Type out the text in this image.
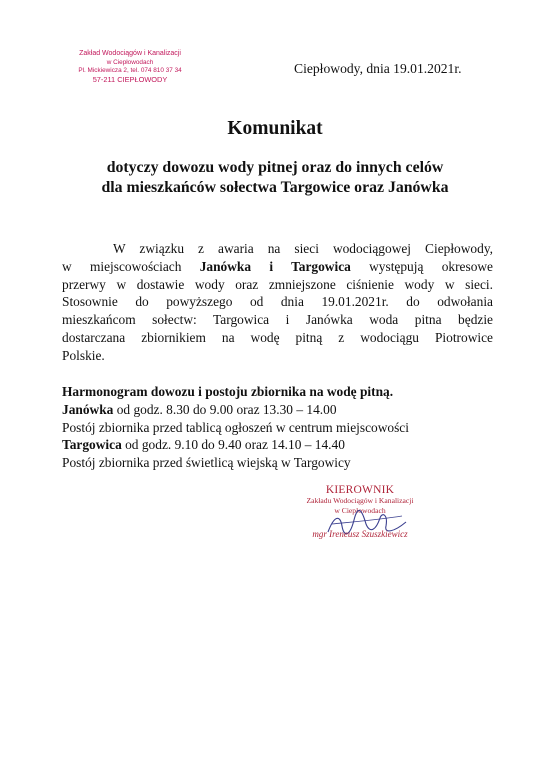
Zakład Wodociągów i Kanalizacji
w Ciepłowodach
Pl. Mickiewicza 2, tel. 074 810 37 34
57-211 CIEPŁOWODY
Ciepłowody, dnia 19.01.2021r.
Komunikat
dotyczy dowozu wody pitnej oraz do innych celów
dla mieszkańców sołectwa Targowice oraz Janówka

W związku z awaria na sieci wodociągowej Ciepłowody,

w miejscowościach Janówka i Targowica występują okresowe

przerwy w dostawie wody oraz zmniejszone ciśnienie wody w sieci.

Stosownie do powyższego od dnia 19.01.2021r. do odwołania

mieszkańcom sołectw: Targowica i Janówka woda pitna będzie

dostarczana zbiornikiem na wodę pitną z wodociągu Piotrowice

Polskie.

Harmonogram dowozu i postoju zbiornika na wodę pitną.
Janówka od godz. 8.30 do 9.00 oraz 13.30 – 14.00
Postój zbiornika przed tablicą ogłoszeń w centrum miejscowości
Targowica od godz. 9.10 do 9.40 oraz 14.10 – 14.40
Postój zbiornika przed świetlicą wiejską w Targowicy
KIEROWNIK
Zakładu Wodociągów i Kanalizacji
w Ciepłowodach
mgr Ireneusz Szuszkiewicz
